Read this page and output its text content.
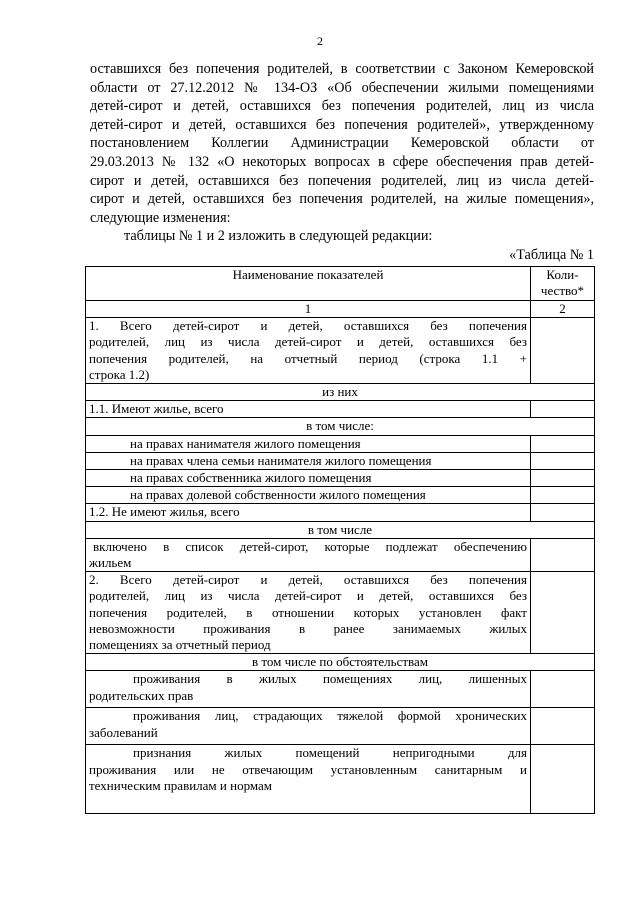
2
оставшихся без попечения родителей, в соответствии с Законом Кемеровской
области от 27.12.2012 № 134-ОЗ «Об обеспечении жилыми помещениями
детей-сирот и детей, оставшихся без попечения родителей, лиц из числа
детей-сирот и детей, оставшихся без попечения родителей», утвержденному
постановлением Коллегии Администрации Кемеровской области от
29.03.2013 № 132 «О некоторых вопросах в сфере обеспечения прав детей-
сирот и детей, оставшихся без попечения родителей, лиц из числа детей-
сирот и детей, оставшихся без попечения родителей, на жилые помещения»,
следующие изменения:
таблицы № 1 и 2 изложить в следующей редакции:
«Таблица № 1
Наименование показателей	Коли-
чество*
1	2

1. Всего детей-сирот и детей, оставшихся без попечения
родителей, лиц из числа детей-сирот и детей, оставшихся без
попечения родителей, на отчетный период (строка 1.1 +
строка 1.2)	

из них	
1.1. Имеют жилье, всего	
в том числе:	
на правах нанимателя жилого помещения	
на правах члена семьи нанимателя жилого помещения	
на правах собственника жилого помещения	
на правах долевой собственности жилого помещения	
1.2. Не имеют жилья, всего	
в том числе	

включено в список детей-сирот, которые подлежат обеспечению
жильем	

2. Всего детей-сирот и детей, оставшихся без попечения
родителей, лиц из числа детей-сирот и детей, оставшихся без
попечения родителей, в отношении которых установлен факт
невозможности проживания в ранее занимаемых жилых
помещениях за отчетный период	

в том числе по обстоятельствам	

проживания в жилых помещениях лиц, лишенных
родительских прав	

проживания лиц, страдающих тяжелой формой хронических
заболеваний	

признания жилых помещений непригодными для
проживания или не отвечающим установленным санитарным и
техническим правилам и нормам	
